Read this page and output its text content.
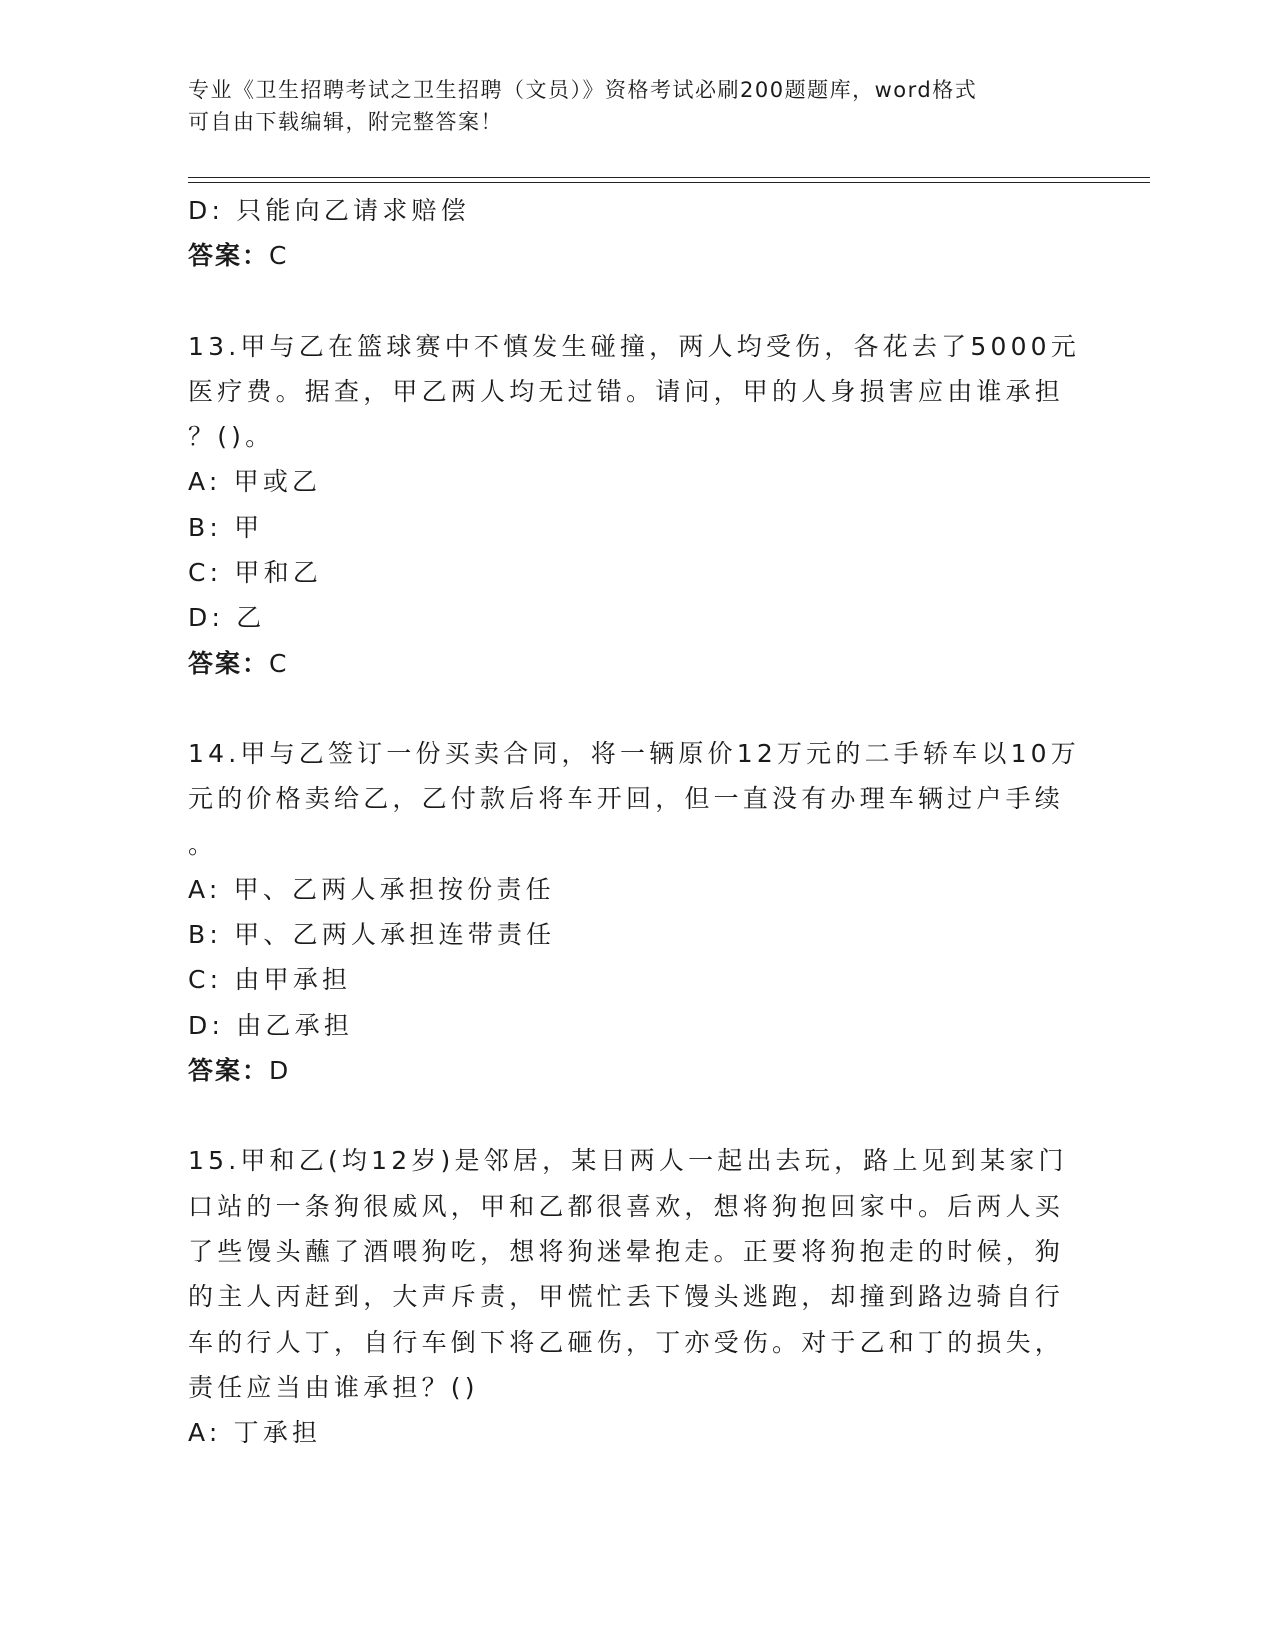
专业《卫生招聘考试之卫生招聘（文员）》资格考试必刷200题题库，word格式
可自由下载编辑，附完整答案！
D: 只能向乙请求赔偿
答案：C
13.甲与乙在篮球赛中不慎发生碰撞，两人均受伤，各花去了5000元
医疗费。据查，甲乙两人均无过错。请问，甲的人身损害应由谁承担
？()。
A: 甲或乙
B: 甲
C: 甲和乙
D: 乙
答案：C
14.甲与乙签订一份买卖合同，将一辆原价12万元的二手轿车以10万
元的价格卖给乙，乙付款后将车开回，但一直没有办理车辆过户手续
。
A: 甲、乙两人承担按份责任
B: 甲、乙两人承担连带责任
C: 由甲承担
D: 由乙承担
答案：D
15.甲和乙(均12岁)是邻居，某日两人一起出去玩，路上见到某家门
口站的一条狗很威风，甲和乙都很喜欢，想将狗抱回家中。后两人买
了些馒头蘸了酒喂狗吃，想将狗迷晕抱走。正要将狗抱走的时候，狗
的主人丙赶到，大声斥责，甲慌忙丢下馒头逃跑，却撞到路边骑自行
车的行人丁，自行车倒下将乙砸伤，丁亦受伤。对于乙和丁的损失，
责任应当由谁承担？()
A: 丁承担
